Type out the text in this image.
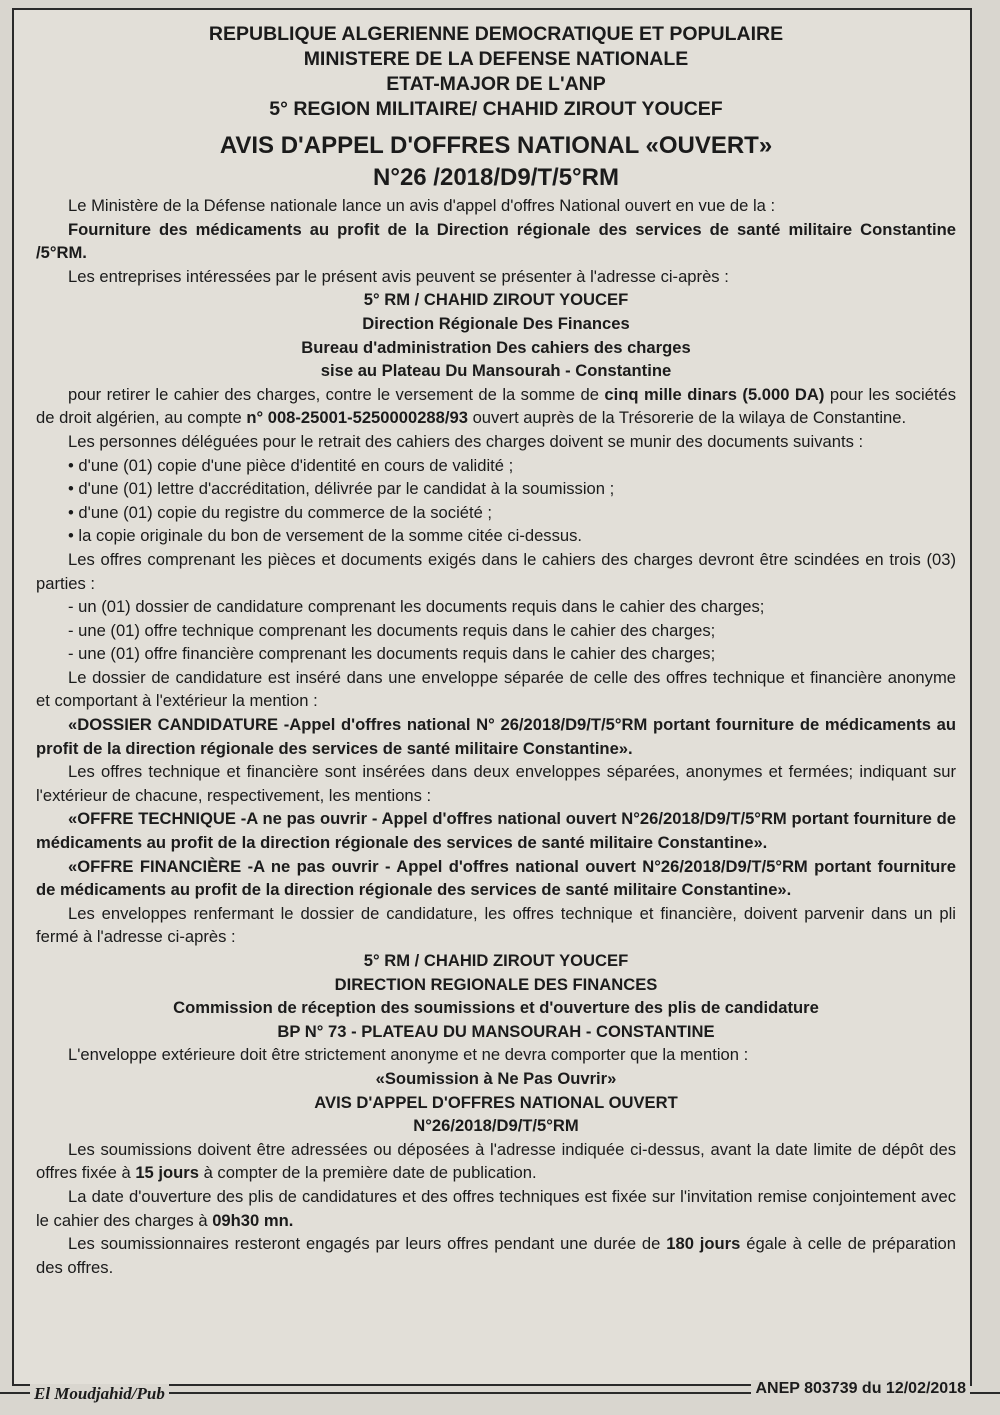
REPUBLIQUE ALGERIENNE DEMOCRATIQUE ET POPULAIRE
MINISTERE DE LA DEFENSE NATIONALE
ETAT-MAJOR DE L'ANP
5° REGION MILITAIRE/ CHAHID ZIROUT YOUCEF
AVIS D'APPEL D'OFFRES NATIONAL «OUVERT»
N°26 /2018/D9/T/5°RM

Le Ministère de la Défense nationale lance un avis d'appel d'offres National ouvert en vue de la :

Fourniture des médicaments au profit de la Direction régionale des services de santé militaire Constantine /5°RM.

Les entreprises intéressées par le présent avis peuvent se présenter à l'adresse ci-après :

5° RM / CHAHID ZIROUT YOUCEF

Direction Régionale Des Finances

Bureau d'administration Des cahiers des charges

sise au Plateau Du Mansourah - Constantine

pour retirer le cahier des charges, contre le versement de la somme de cinq mille dinars (5.000 DA) pour les sociétés de droit algérien, au compte n° 008-25001-5250000288/93 ouvert auprès de la Trésorerie de la wilaya de Constantine.

Les personnes déléguées pour le retrait des cahiers des charges doivent se munir des documents suivants :

• d'une (01) copie d'une pièce d'identité en cours de validité ;

• d'une (01) lettre d'accréditation, délivrée par le candidat à la soumission ;

• d'une (01) copie du registre du commerce de la société ;

• la copie originale du bon de versement de la somme citée ci-dessus.

Les offres comprenant les pièces et documents exigés dans le cahiers des charges devront être scindées en trois (03) parties :

- un (01) dossier de candidature comprenant les documents requis dans le cahier des charges;

- une (01) offre technique comprenant les documents requis dans le cahier des charges;

- une (01) offre financière comprenant les documents requis dans le cahier des charges;

Le dossier de candidature est inséré dans une enveloppe séparée de celle des offres technique et financière anonyme et comportant à l'extérieur la mention :

«DOSSIER CANDIDATURE -Appel d'offres national N° 26/2018/D9/T/5°RM portant fourniture de médicaments au profit de la direction régionale des services de santé militaire Constantine».

Les offres technique et financière sont insérées dans deux enveloppes séparées, anonymes et fermées; indiquant sur l'extérieur de chacune, respectivement, les mentions :

«OFFRE TECHNIQUE -A ne pas ouvrir - Appel d'offres national ouvert N°26/2018/D9/T/5°RM portant fourniture de médicaments au profit de la direction régionale des services de santé militaire Constantine».

«OFFRE FINANCIÈRE -A ne pas ouvrir - Appel d'offres national ouvert N°26/2018/D9/T/5°RM portant fourniture de médicaments au profit de la direction régionale des services de santé militaire Constantine».

Les enveloppes renfermant le dossier de candidature, les offres technique et financière, doivent parvenir dans un pli fermé à l'adresse ci-après :

5° RM / CHAHID ZIROUT YOUCEF

DIRECTION REGIONALE DES FINANCES

Commission de réception des soumissions et d'ouverture des plis de candidature

BP N° 73 - PLATEAU DU MANSOURAH - CONSTANTINE

L'enveloppe extérieure doit être strictement anonyme et ne devra comporter que la mention :

«Soumission à Ne Pas Ouvrir»

AVIS D'APPEL D'OFFRES NATIONAL OUVERT

N°26/2018/D9/T/5°RM

Les soumissions doivent être adressées ou déposées à l'adresse indiquée ci-dessus, avant la date limite de dépôt des offres fixée à 15 jours à compter de la première date de publication.

La date d'ouverture des plis de candidatures et des offres techniques est fixée sur l'invitation remise conjointement avec le cahier des charges à 09h30 mn.

Les soumissionnaires resteront engagés par leurs offres pendant une durée de 180 jours égale à celle de préparation des offres.

El Moudjahid/Pub	ANEP 803739 du 12/02/2018
